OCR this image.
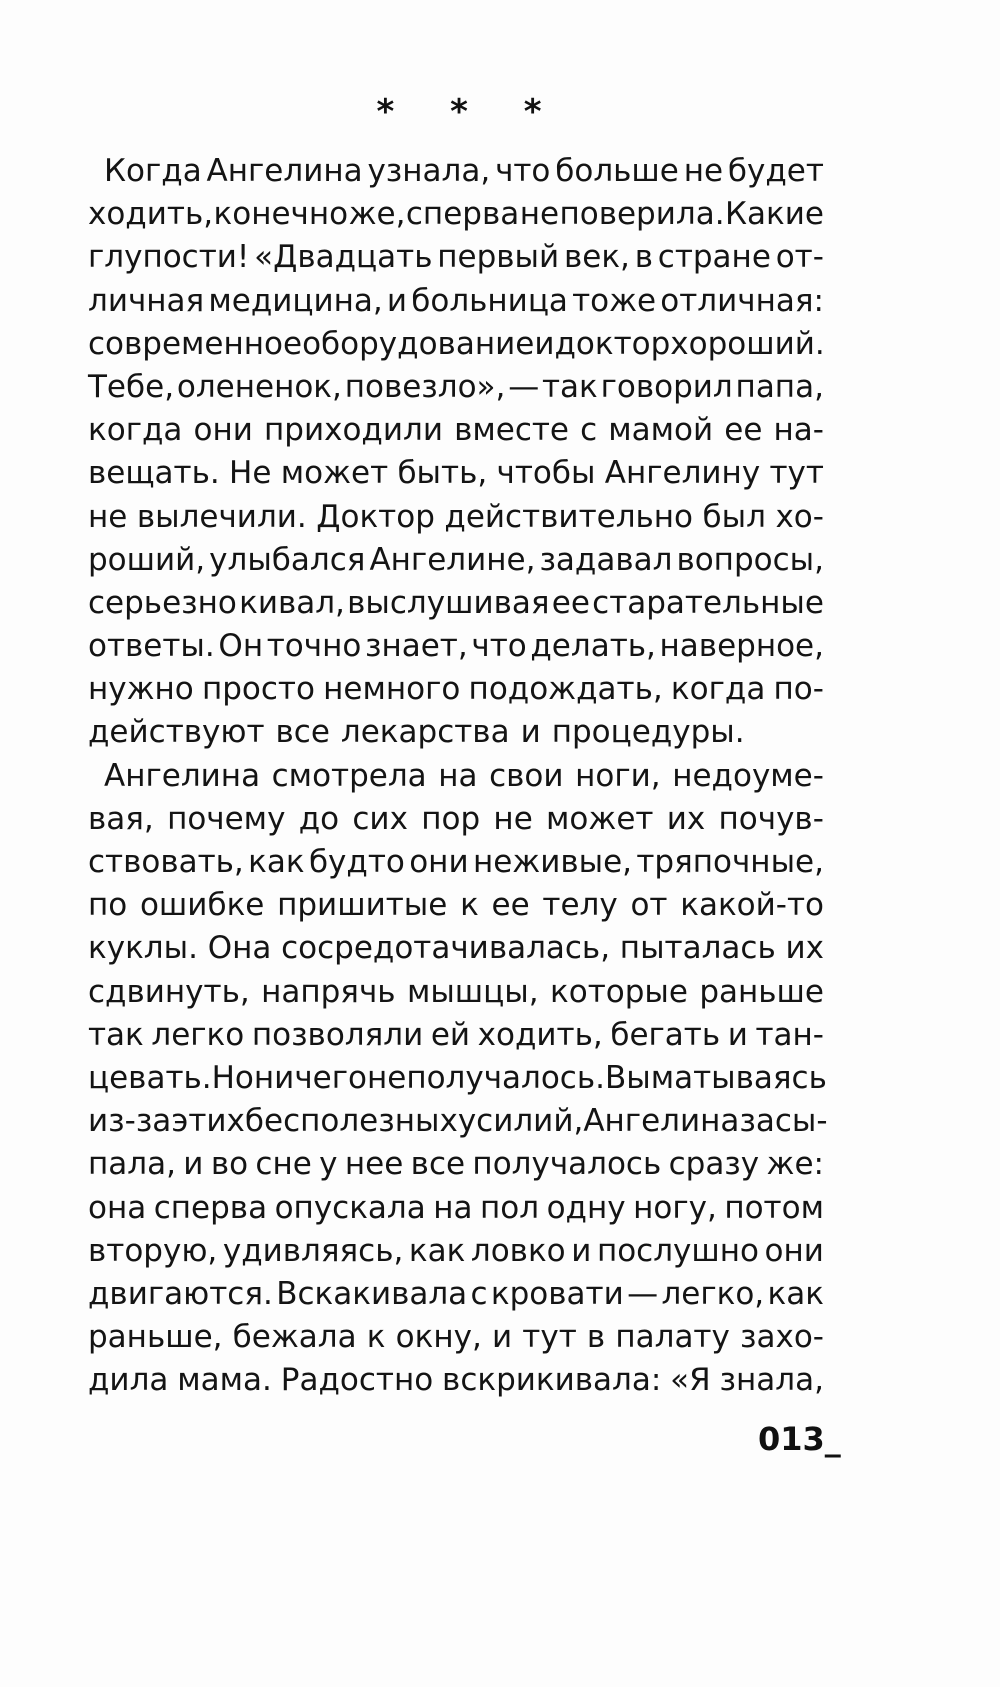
* * *
Когда Ангелина узнала, что больше не будет
ходить, конечно же, сперва не поверила. Какие
глупости! «Двадцать первый век, в стране от-
личная медицина, и больница тоже отличная:
современное оборудование и доктор хороший.
Тебе, олененок, повезло», — так говорил папа,
когда они приходили вместе с мамой ее на-
вещать. Не может быть, чтобы Ангелину тут
не вылечили. Доктор действительно был хо-
роший, улыбался Ангелине, задавал вопросы,
серьезно кивал, выслушивая ее старательные
ответы. Он точно знает, что делать, наверное,
нужно просто немного подождать, когда по-
действуют все лекарства и процедуры.
Ангелина смотрела на свои ноги, недоуме-
вая, почему до сих пор не может их почув-
ствовать, как будто они неживые, тряпочные,
по ошибке пришитые к ее телу от какой-то
куклы. Она сосредотачивалась, пыталась их
сдвинуть, напрячь мышцы, которые раньше
так легко позволяли ей ходить, бегать и тан-
цевать. Но ничего не получалось. Выматываясь
из-за этих бесполезных усилий, Ангелина засы-
пала, и во сне у нее все получалось сразу же:
она сперва опускала на пол одну ногу, потом
вторую, удивляясь, как ловко и послушно они
двигаются. Вскакивала с кровати — легко, как
раньше, бежала к окну, и тут в палату захо-
дила мама. Радостно вскрикивала: «Я знала,
013_
